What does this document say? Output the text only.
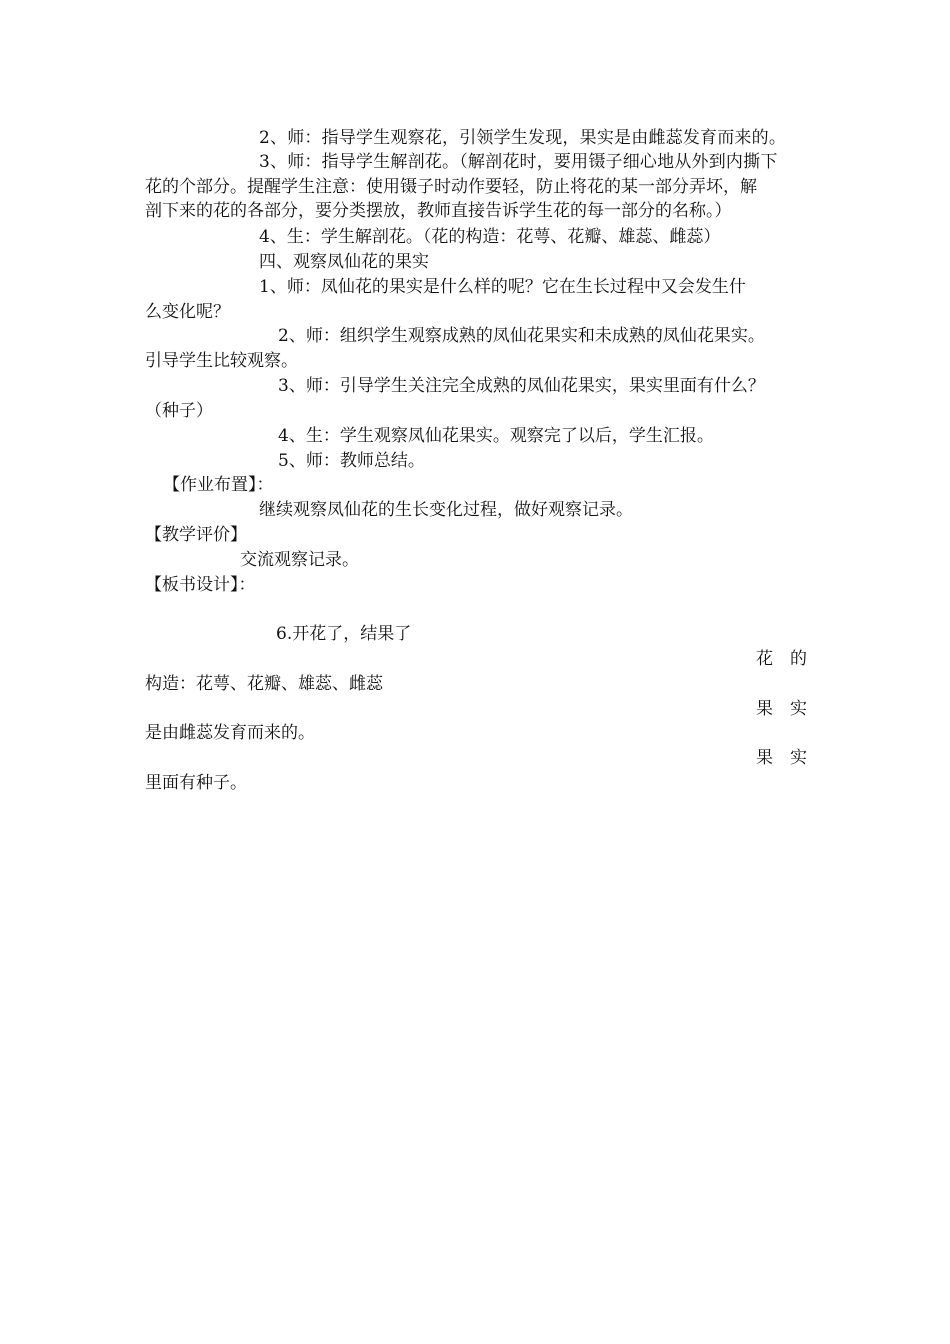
2、师：指导学生观察花，引领学生发现，果实是由雌蕊发育而来的。
3、师：指导学生解剖花。（解剖花时，要用镊子细心地从外到内撕下
花的个部分。提醒学生注意：使用镊子时动作要轻，防止将花的某一部分弄坏，解
剖下来的花的各部分，要分类摆放，教师直接告诉学生花的每一部分的名称。）
4、生：学生解剖花。（花的构造：花萼、花瓣、雄蕊、雌蕊）
四、观察凤仙花的果实
1、师：凤仙花的果实是什么样的呢？它在生长过程中又会发生什
么变化呢？
2、师：组织学生观察成熟的凤仙花果实和未成熟的凤仙花果实。
引导学生比较观察。
3、师：引导学生关注完全成熟的凤仙花果实，果实里面有什么？
（种子）
4、生：学生观察凤仙花果实。观察完了以后，学生汇报。
5、师：教师总结。
【作业布置】：
继续观察凤仙花的生长变化过程，做好观察记录。
【教学评价】
交流观察记录。
【板书设计】：
6.开花了，结果了
花　的
构造：花萼、花瓣、雄蕊、雌蕊
果　实
是由雌蕊发育而来的。
果　实
里面有种子。
